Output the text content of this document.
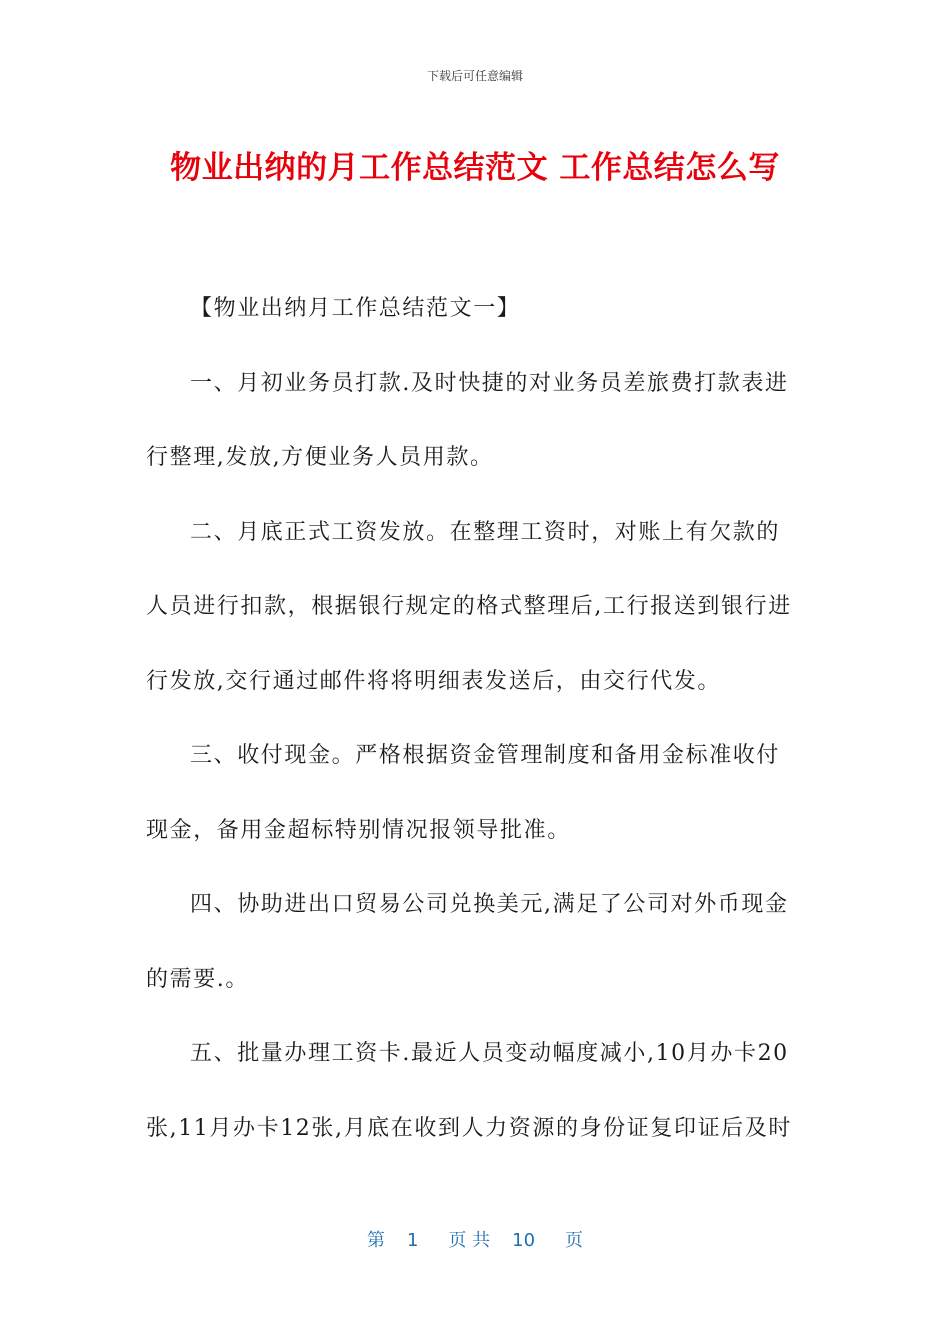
下载后可任意编辑
物业出纳的月工作总结范文 工作总结怎么写

【物业出纳月工作总结范文一】

一、月初业务员打款.及时快捷的对业务员差旅费打款表进

行整理,发放,方便业务人员用款。

二、月底正式工资发放。在整理工资时，对账上有欠款的

人员进行扣款，根据银行规定的格式整理后,工行报送到银行进

行发放,交行通过邮件将将明细表发送后，由交行代发。

三、收付现金。严格根据资金管理制度和备用金标准收付

现金，备用金超标特别情况报领导批准。

四、协助进出口贸易公司兑换美元,满足了公司对外币现金

的需要.。

五、批量办理工资卡.最近人员变动幅度减小,10月办卡20

张,11月办卡12张,月底在收到人力资源的身份证复印证后及时

第 1 页 共 10 页
